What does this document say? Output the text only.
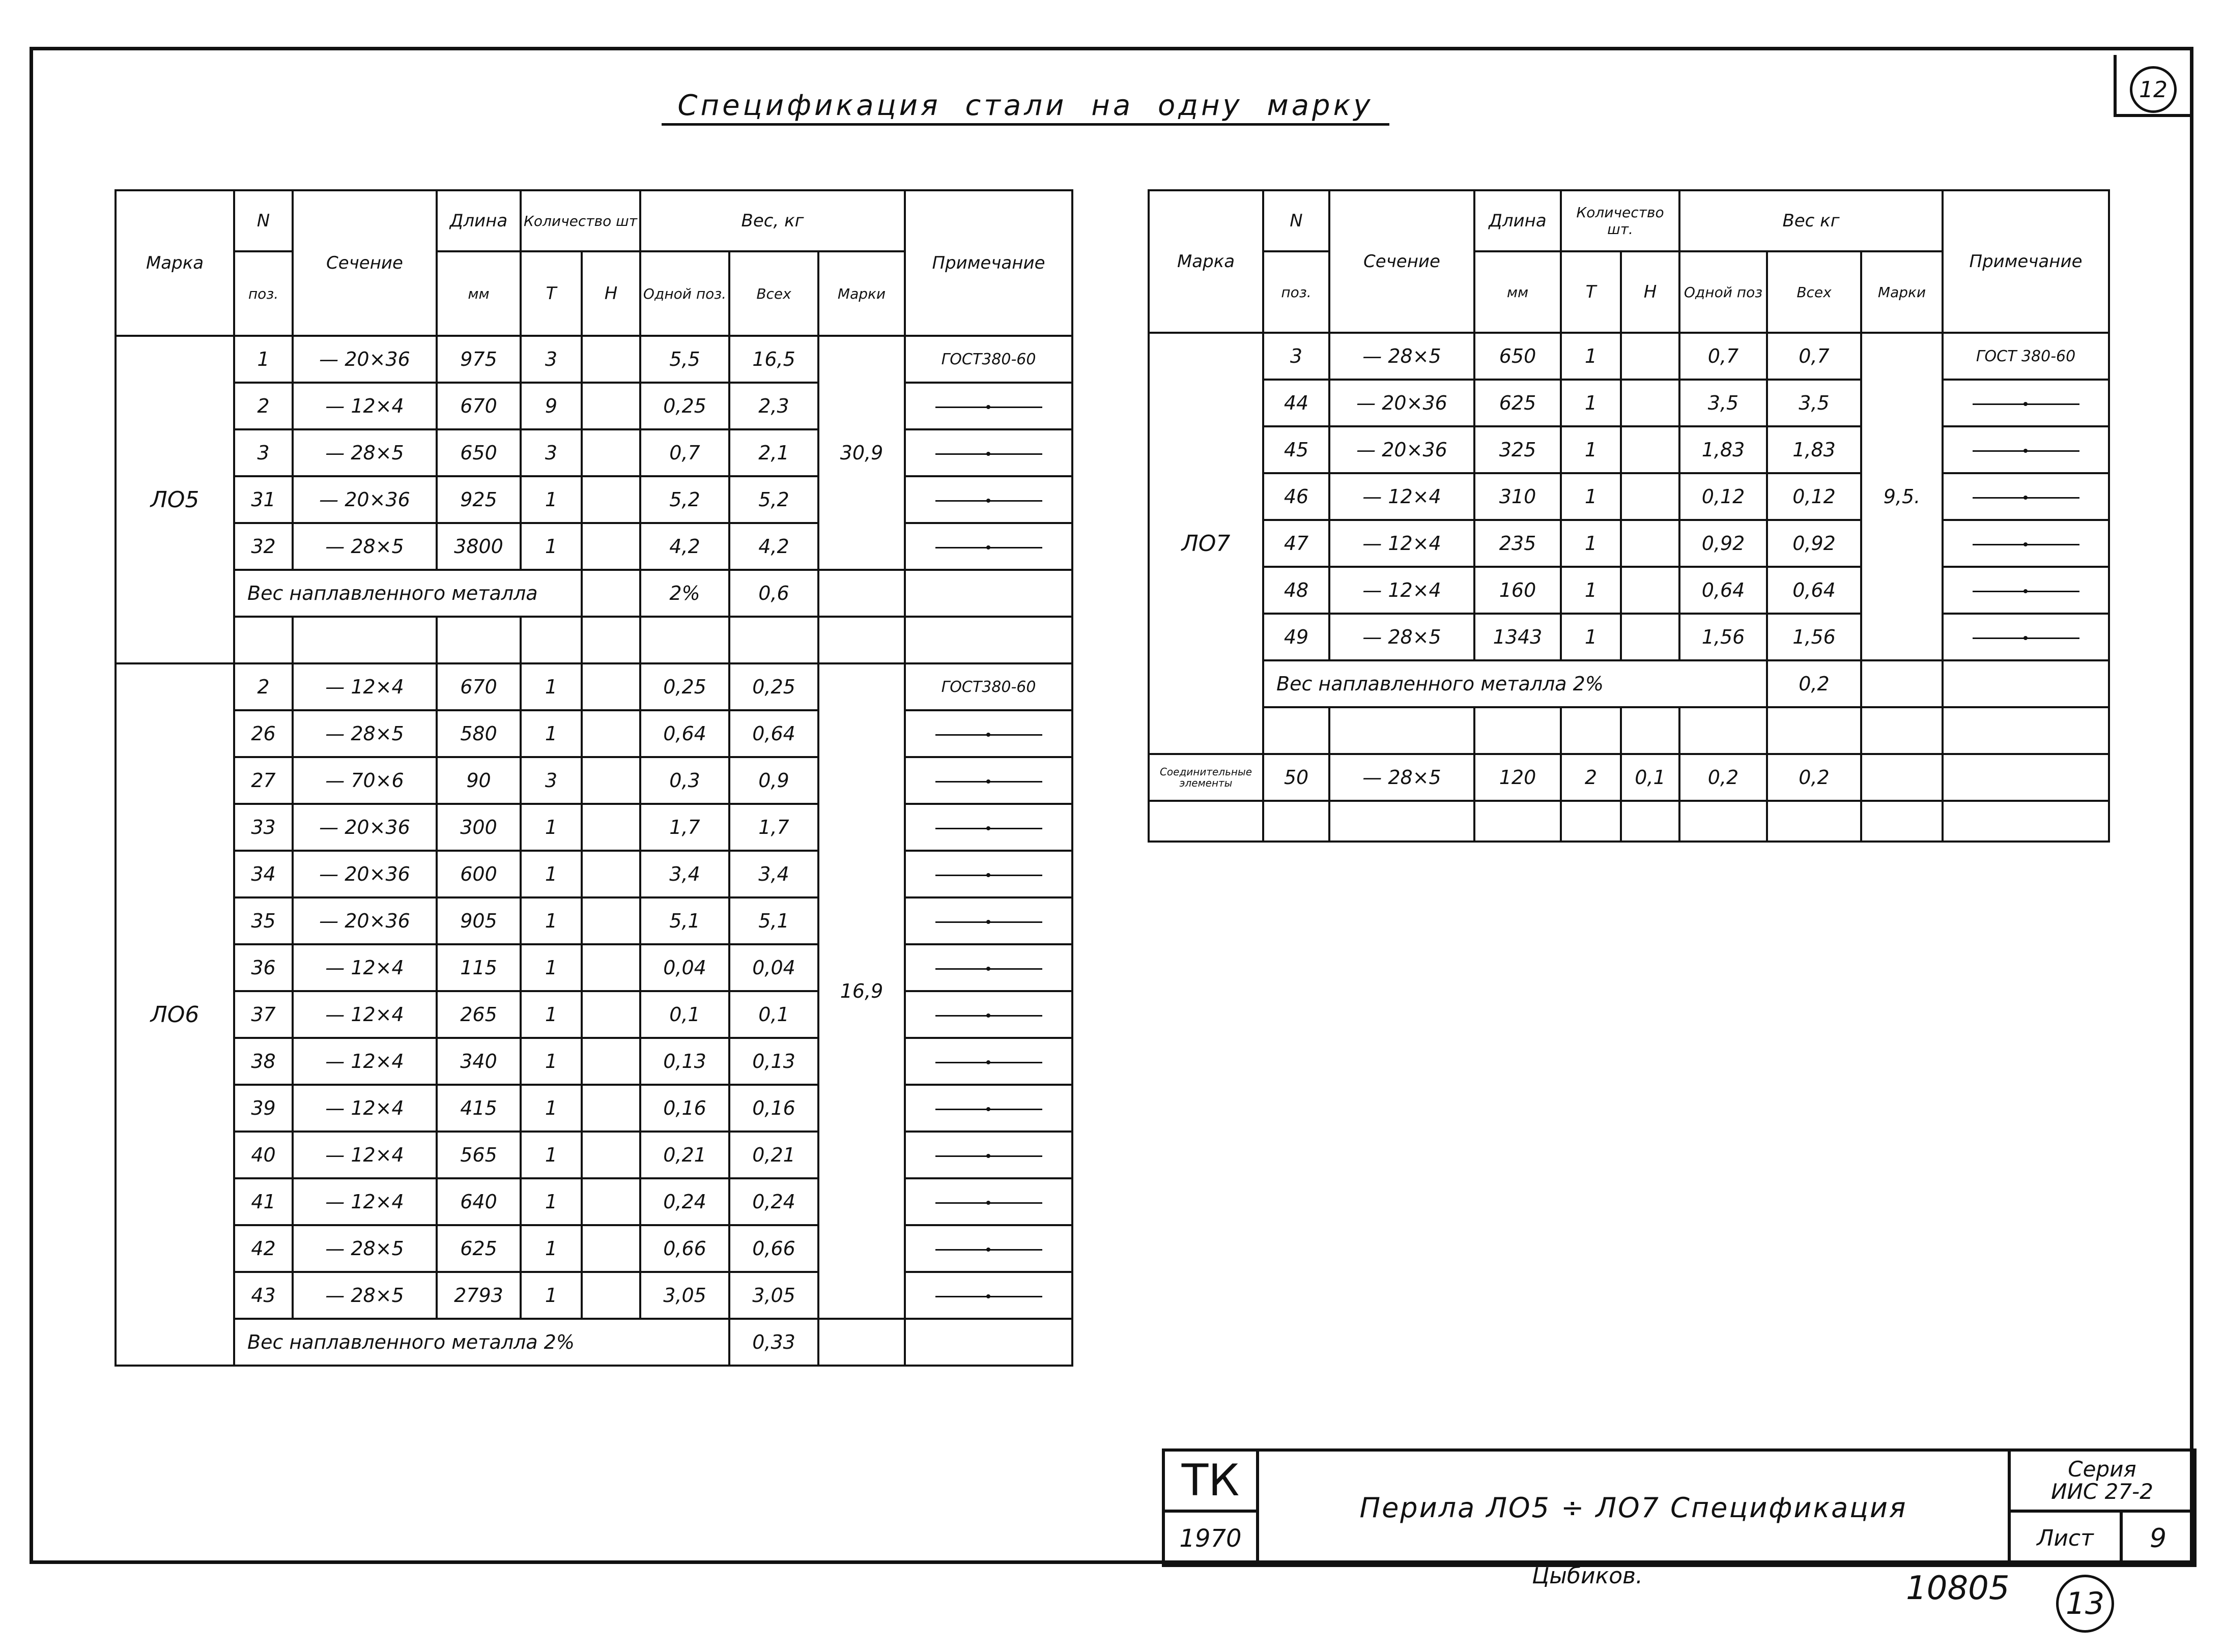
12
Спецификация стали на одну марку
Марка	N	Сечение	Длина	Количество шт		Вес, кг			Примечание
	поз.		мм	Т	Н	Одной поз.	Всех	Марки	
ЛО5	1	— 20×36	975	3		5,5	16,5	30,9	ГОСТ380-60
	2	— 12×4	670	9		0,25	2,3		
	3	— 28×5	650	3		0,7	2,1		
	31	— 20×36	925	1		5,2	5,2		
	32	— 28×5	3800	1		4,2	4,2		
	Вес наплавленного металла					2%	0,6		

ЛО6	2	— 12×4	670	1		0,25	0,25	16,9	ГОСТ380-60
	26	— 28×5	580	1		0,64	0,64		
	27	— 70×6	90	3		0,3	0,9		
	33	— 20×36	300	1		1,7	1,7		
	34	— 20×36	600	1		3,4	3,4		
	35	— 20×36	905	1		5,1	5,1		
	36	— 12×4	115	1		0,04	0,04		
	37	— 12×4	265	1		0,1	0,1		
	38	— 12×4	340	1		0,13	0,13		
	39	— 12×4	415	1		0,16	0,16		
	40	— 12×4	565	1		0,21	0,21		
	41	— 12×4	640	1		0,24	0,24		
	42	— 28×5	625	1		0,66	0,66		
	43	— 28×5	2793	1		3,05	3,05		
	Вес наплавленного металла 2%						0,33		
Марка	N	Сечение	Длина	Количество шт.		Вес кг			Примечание
	поз.		мм	Т	Н	Одной поз	Всех	Марки	
ЛО7	3	— 28×5	650	1		0,7	0,7	9,5.	ГОСТ 380-60
	44	— 20×36	625	1		3,5	3,5		
	45	— 20×36	325	1		1,83	1,83		
	46	— 12×4	310	1		0,12	0,12		
	47	— 12×4	235	1		0,92	0,92		
	48	— 12×4	160	1		0,64	0,64		
	49	— 28×5	1343	1		1,56	1,56		
	Вес наплавленного металла 2%						0,2		

Соединительные элементы	50	— 28×5	120	2	0,1	0,2	0,2		

ТК	Перила ЛО5 ÷ ЛО7 Спецификация	Серия
ИИС 27-2	

1970		Лист	9
Цыбиков.	10805	13
